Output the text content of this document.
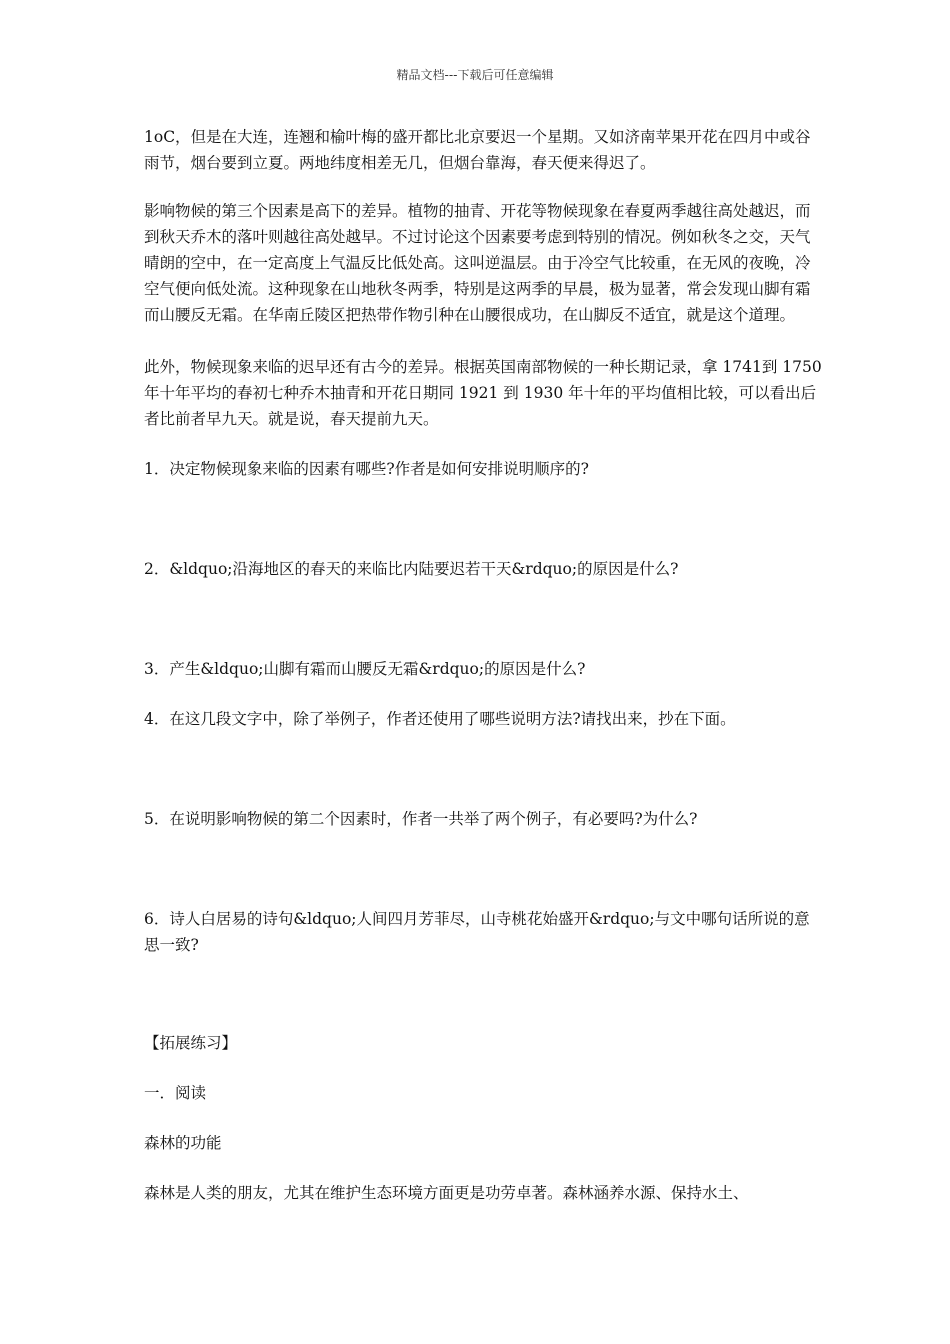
精品文档---下载后可任意编辑

1oC，但是在大连，连翘和榆叶梅的盛开都比北京要迟一个星期。又如济南苹果开花在四月中或谷雨节，烟台要到立夏。两地纬度相差无几，但烟台靠海，春天便来得迟了。

影响物候的第三个因素是高下的差异。植物的抽青、开花等物候现象在春夏两季越往高处越迟，而到秋天乔木的落叶则越往高处越早。不过讨论这个因素要考虑到特别的情况。例如秋冬之交，天气晴朗的空中，在一定高度上气温反比低处高。这叫逆温层。由于冷空气比较重，在无风的夜晚，冷空气便向低处流。这种现象在山地秋冬两季，特别是这两季的早晨，极为显著，常会发现山脚有霜而山腰反无霜。在华南丘陵区把热带作物引种在山腰很成功，在山脚反不适宜，就是这个道理。

此外，物候现象来临的迟早还有古今的差异。根据英国南部物候的一种长期记录，拿 1741到 1750 年十年平均的春初七种乔木抽青和开花日期同 1921 到 1930 年十年的平均值相比较，可以看出后者比前者早九天。就是说，春天提前九天。

1．决定物候现象来临的因素有哪些?作者是如何安排说明顺序的?

2．&ldquo;沿海地区的春天的来临比内陆要迟若干天&rdquo;的原因是什么?

3．产生&ldquo;山脚有霜而山腰反无霜&rdquo;的原因是什么?

4．在这几段文字中，除了举例子，作者还使用了哪些说明方法?请找出来，抄在下面。

5．在说明影响物候的第二个因素时，作者一共举了两个例子，有必要吗?为什么?

6．诗人白居易的诗句&ldquo;人间四月芳菲尽，山寺桃花始盛开&rdquo;与文中哪句话所说的意思一致?

【拓展练习】

一．阅读

森林的功能

森林是人类的朋友，尤其在维护生态环境方面更是功劳卓著。森林涵养水源、保持水土、
